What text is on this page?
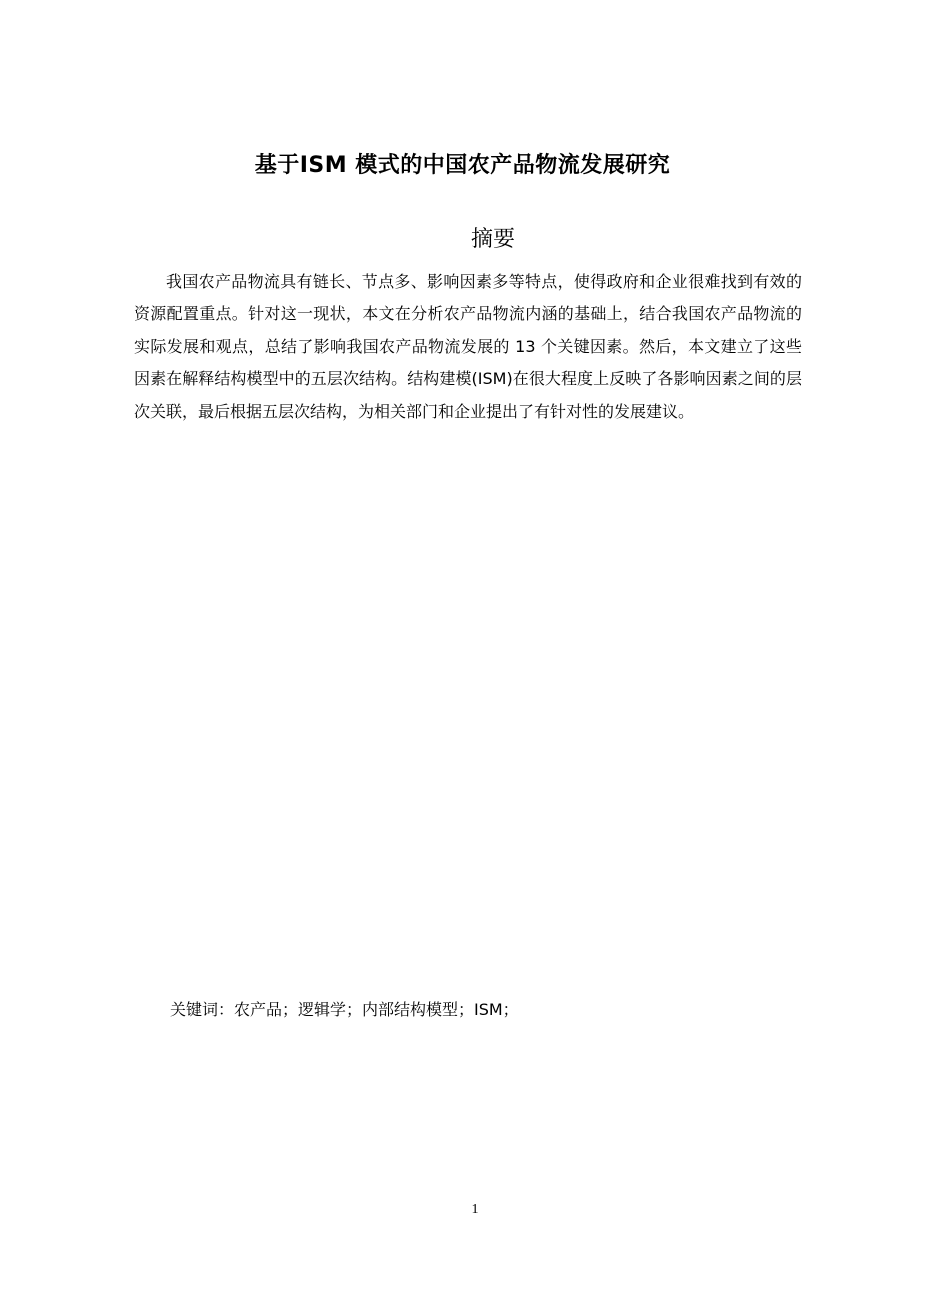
基于ISM 模式的中国农产品物流发展研究
摘要

我国农产品物流具有链长、节点多、影响因素多等特点，使得政府和企业很难找到有效的资源配置重点。针对这一现状，本文在分析农产品物流内涵的基础上，结合我国农产品物流的实际发展和观点，总结了影响我国农产品物流发展的 13 个关键因素。然后，本文建立了这些因素在解释结构模型中的五层次结构。结构建模(ISM)在很大程度上反映了各影响因素之间的层次关联，最后根据五层次结构，为相关部门和企业提出了有针对性的发展建议。

关键词：农产品；逻辑学；内部结构模型；ISM；

1
